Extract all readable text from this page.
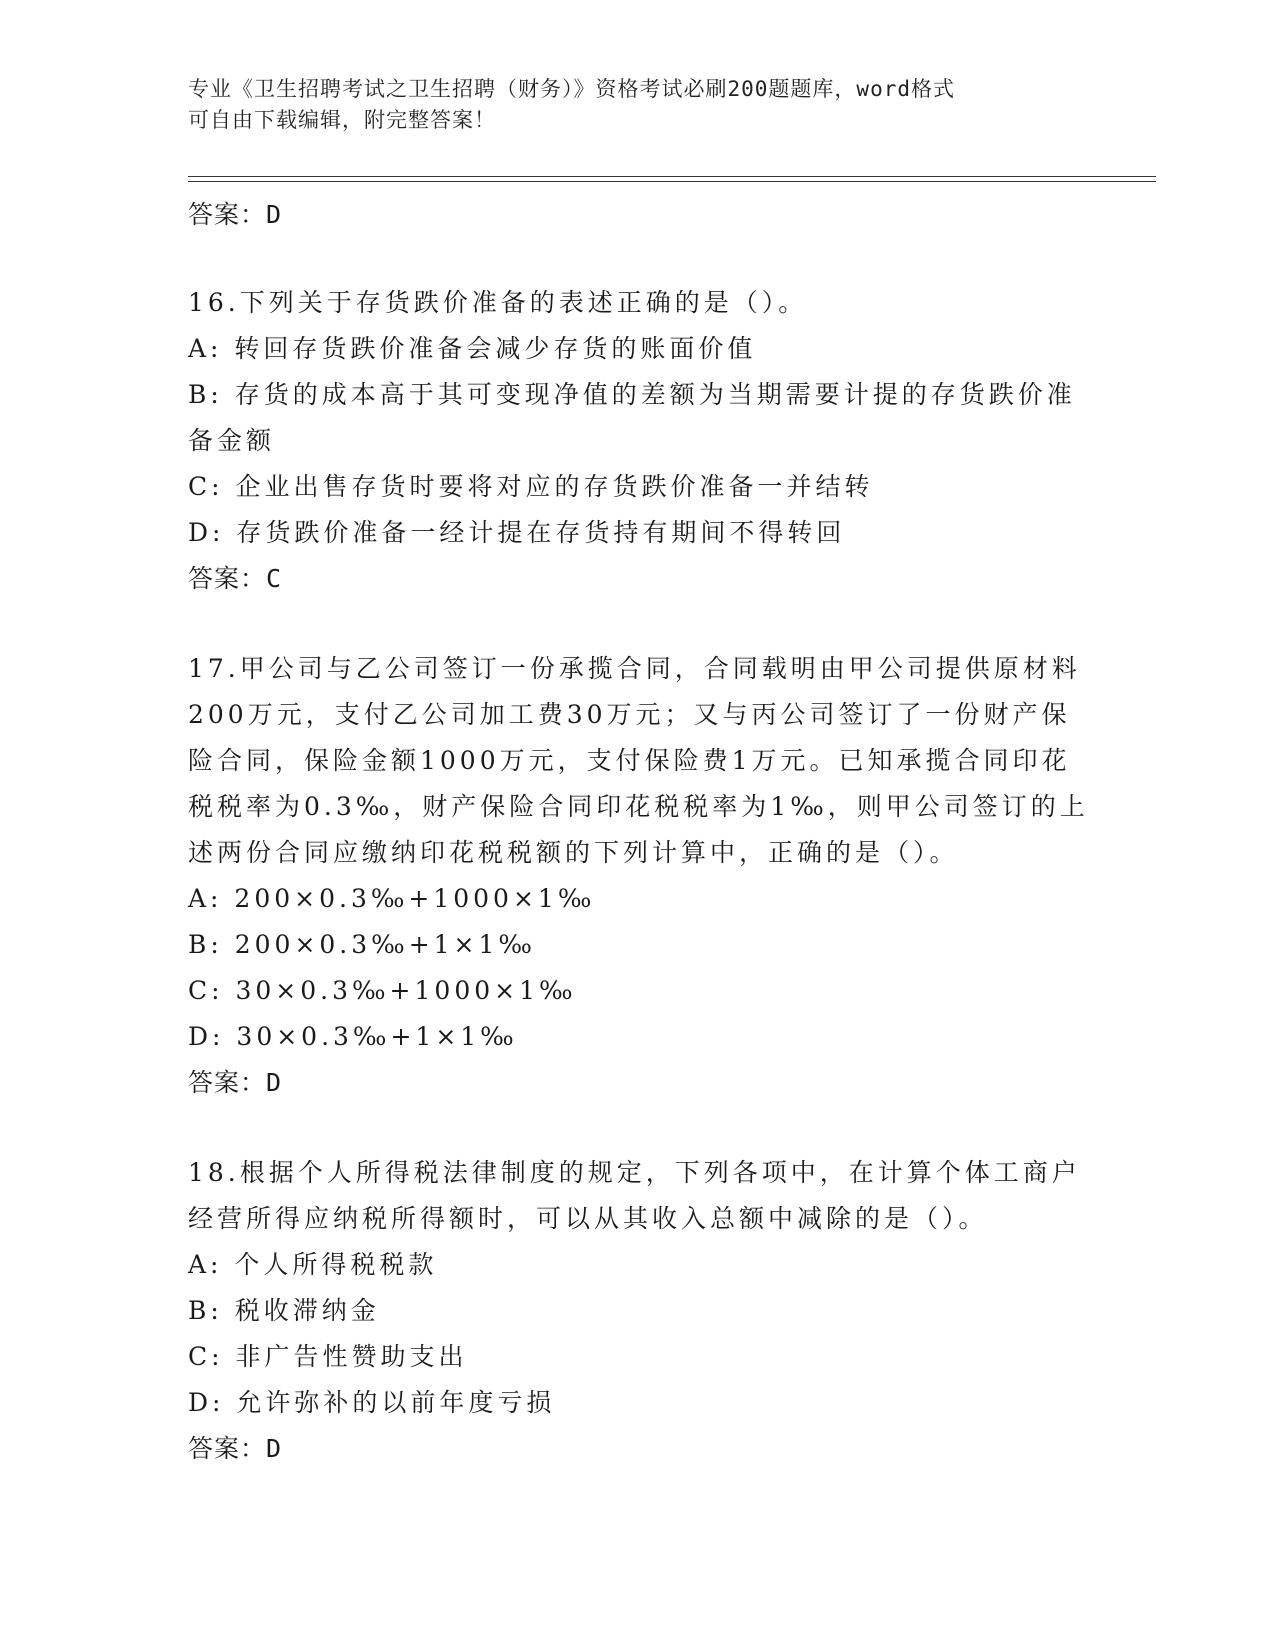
专业《卫生招聘考试之卫生招聘（财务）》资格考试必刷200题题库，word格式
可自由下载编辑，附完整答案！
答案：D
16.下列关于存货跌价准备的表述正确的是（）。
A: 转回存货跌价准备会减少存货的账面价值
B: 存货的成本高于其可变现净值的差额为当期需要计提的存货跌价准
备金额
C: 企业出售存货时要将对应的存货跌价准备一并结转
D: 存货跌价准备一经计提在存货持有期间不得转回
答案：C
17.甲公司与乙公司签订一份承揽合同，合同载明由甲公司提供原材料
200万元，支付乙公司加工费30万元；又与丙公司签订了一份财产保
险合同，保险金额1000万元，支付保险费1万元。已知承揽合同印花
税税率为0.3‰，财产保险合同印花税税率为1‰，则甲公司签订的上
述两份合同应缴纳印花税税额的下列计算中，正确的是（）。
A: 200×0.3‰+1000×1‰
B: 200×0.3‰+1×1‰
C: 30×0.3‰+1000×1‰
D: 30×0.3‰+1×1‰
答案：D
18.根据个人所得税法律制度的规定，下列各项中，在计算个体工商户
经营所得应纳税所得额时，可以从其收入总额中减除的是（）。
A: 个人所得税税款
B: 税收滞纳金
C: 非广告性赞助支出
D: 允许弥补的以前年度亏损
答案：D
